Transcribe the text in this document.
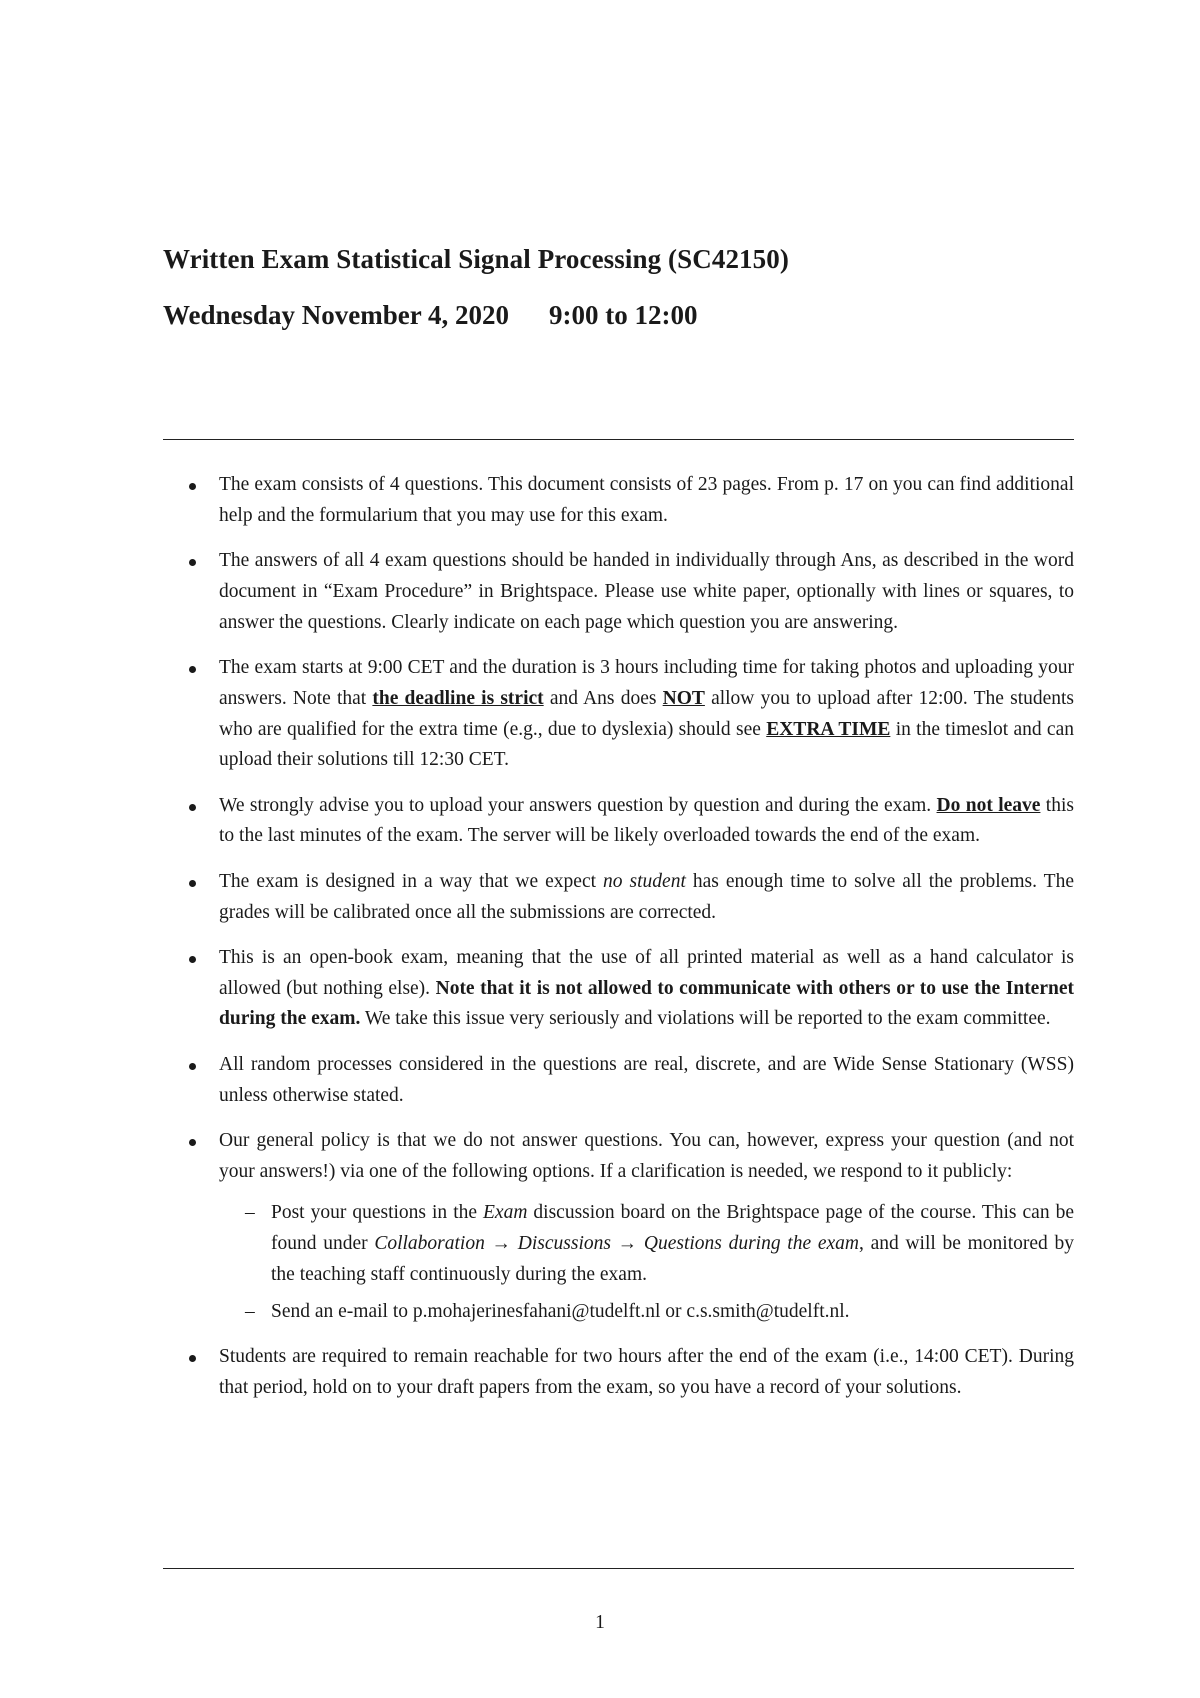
Written Exam Statistical Signal Processing (SC42150)
Wednesday November 4, 2020 9:00 to 12:00
The exam consists of 4 questions. This document consists of 23 pages. From p. 17 on you can find additional help and the formularium that you may use for this exam.
The answers of all 4 exam questions should be handed in individually through Ans, as described in the word document in “Exam Procedure” in Brightspace. Please use white paper, optionally with lines or squares, to answer the questions. Clearly indicate on each page which question you are answering.
The exam starts at 9:00 CET and the duration is 3 hours including time for taking photos and uploading your answers. Note that the deadline is strict and Ans does NOT allow you to upload after 12:00. The students who are qualified for the extra time (e.g., due to dyslexia) should see EXTRA TIME in the timeslot and can upload their solutions till 12:30 CET.
We strongly advise you to upload your answers question by question and during the exam. Do not leave this to the last minutes of the exam. The server will be likely overloaded towards the end of the exam.
The exam is designed in a way that we expect no student has enough time to solve all the problems. The grades will be calibrated once all the submissions are corrected.
This is an open-book exam, meaning that the use of all printed material as well as a hand calculator is allowed (but nothing else). Note that it is not allowed to communicate with others or to use the Internet during the exam. We take this issue very seriously and violations will be reported to the exam committee.
All random processes considered in the questions are real, discrete, and are Wide Sense Stationary (WSS) unless otherwise stated.
Our general policy is that we do not answer questions. You can, however, express your question (and not your answers!) via one of the following options. If a clarification is needed, we respond to it publicly:
– Post your questions in the Exam discussion board on the Brightspace page of the course. This can be found under Collaboration → Discussions → Questions during the exam, and will be monitored by the teaching staff continuously during the exam.
– Send an e-mail to p.mohajerinesfahani@tudelft.nl or c.s.smith@tudelft.nl.
Students are required to remain reachable for two hours after the end of the exam (i.e., 14:00 CET). During that period, hold on to your draft papers from the exam, so you have a record of your solutions.
1
